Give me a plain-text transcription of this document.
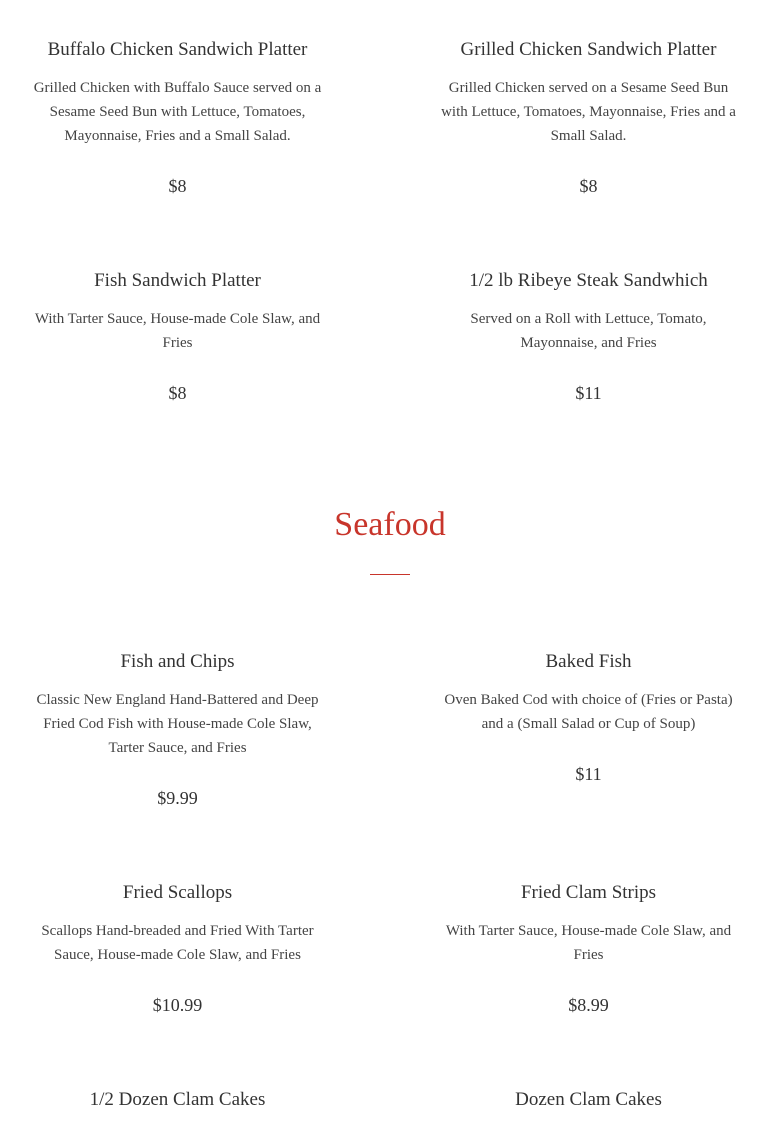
Buffalo Chicken Sandwich Platter

Grilled Chicken with Buffalo Sauce served on a Sesame Seed Bun with Lettuce, Tomatoes, Mayonnaise, Fries and a Small Salad.

$8

Grilled Chicken Sandwich Platter

Grilled Chicken served on a Sesame Seed Bun with Lettuce, Tomatoes, Mayonnaise, Fries and a Small Salad.

$8

Fish Sandwich Platter

With Tarter Sauce, House-made Cole Slaw, and Fries

$8

1/2 lb Ribeye Steak Sandwhich

Served on a Roll with Lettuce, Tomato, Mayonnaise, and Fries

$11

Seafood
Fish and Chips

Classic New England Hand-Battered and Deep Fried Cod Fish with House-made Cole Slaw, Tarter Sauce, and Fries

$9.99

Baked Fish

Oven Baked Cod with choice of (Fries or Pasta) and a (Small Salad or Cup of Soup)

$11

Fried Scallops

Scallops Hand-breaded and Fried With Tarter Sauce, House-made Cole Slaw, and Fries

$10.99

Fried Clam Strips

With Tarter Sauce, House-made Cole Slaw, and Fries

$8.99

1/2 Dozen Clam Cakes	Dozen Clam Cakes
